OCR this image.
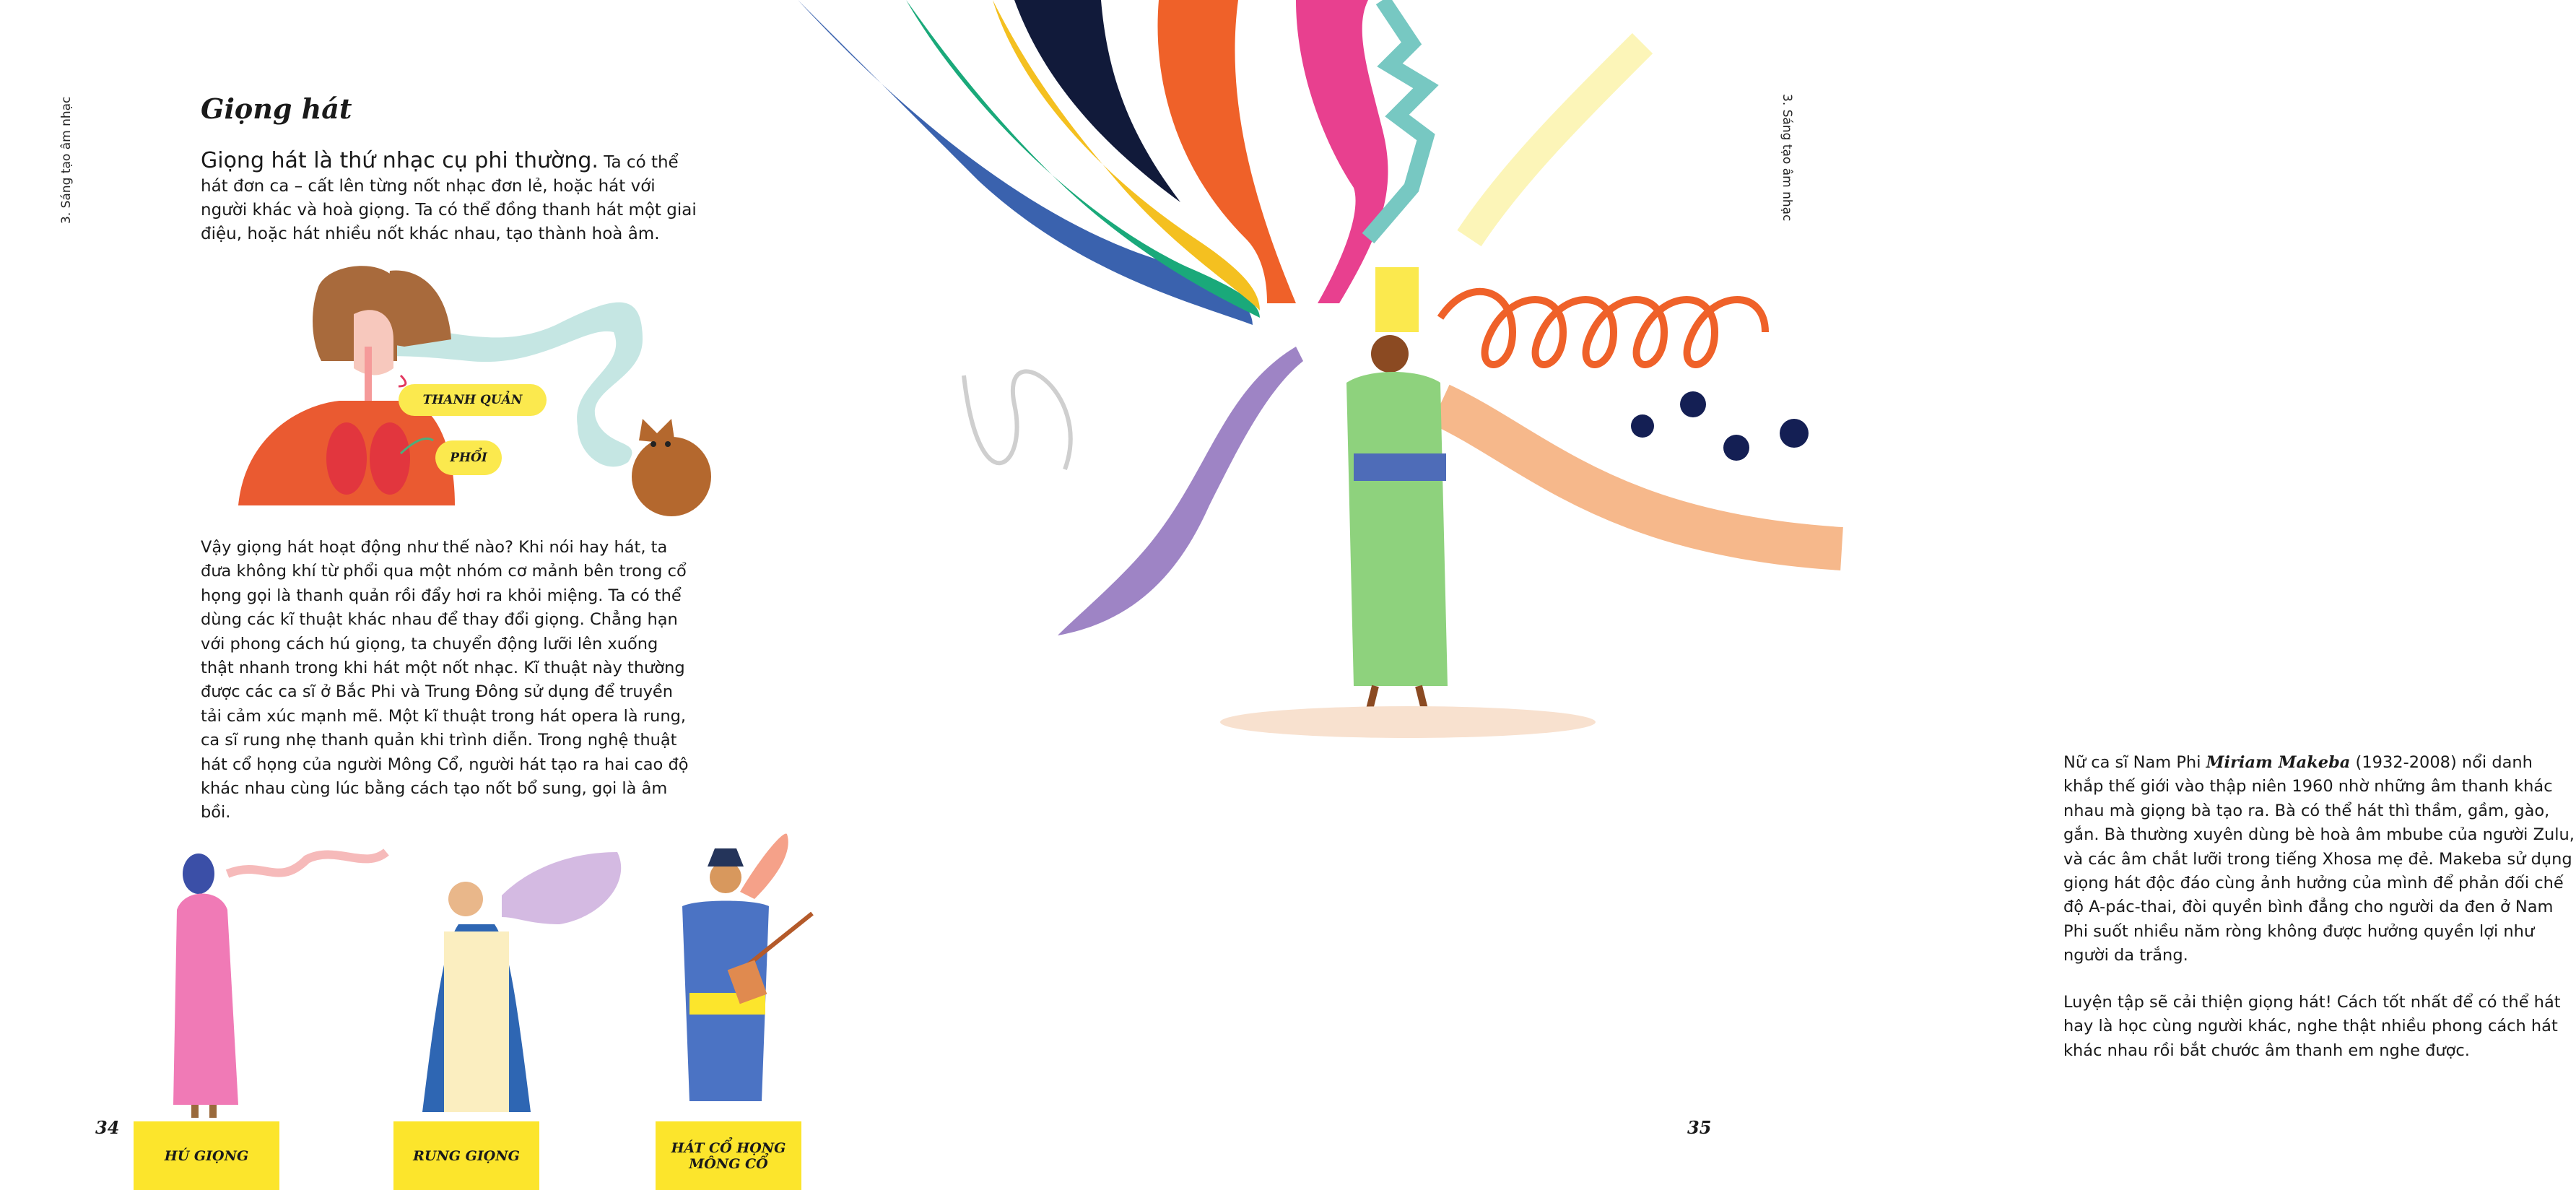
3. Sáng tạo âm nhạc	Giọng hát
Giọng hát là thứ nhạc cụ phi thường. Ta có thể hát đơn ca – cất lên từng nốt nhạc đơn lẻ, hoặc hát với người khác và hoà giọng. Ta có thể đồng thanh hát một giai điệu, hoặc hát nhiều nốt khác nhau, tạo thành hoà âm.
THANH QUẢN
PHỔI
Vậy giọng hát hoạt động như thế nào? Khi nói hay hát, ta đưa không khí từ phổi qua một nhóm cơ mảnh bên trong cổ họng gọi là thanh quản rồi đẩy hơi ra khỏi miệng. Ta có thể dùng các kĩ thuật khác nhau để thay đổi giọng. Chẳng hạn với phong cách hú giọng, ta chuyển động lưỡi lên xuống thật nhanh trong khi hát một nốt nhạc. Kĩ thuật này thường được các ca sĩ ở Bắc Phi và Trung Đông sử dụng để truyền tải cảm xúc mạnh mẽ. Một kĩ thuật trong hát opera là rung, ca sĩ rung nhẹ thanh quản khi trình diễn. Trong nghệ thuật hát cổ họng của người Mông Cổ, người hát tạo ra hai cao độ khác nhau cùng lúc bằng cách tạo nốt bổ sung, gọi là âm bồi.
HÚ GIỌNG	RUNG GIỌNG	HÁT CỔ HỌNG MÔNG CỔ
34
3. Sáng tạo âm nhạc
Nữ ca sĩ Nam Phi Miriam Makeba (1932-2008) nổi danh khắp thế giới vào thập niên 1960 nhờ những âm thanh khác nhau mà giọng bà tạo ra. Bà có thể hát thì thầm, gầm, gào, gắn. Bà thường xuyên dùng bè hoà âm mbube của người Zulu, và các âm chắt lưỡi trong tiếng Xhosa mẹ đẻ. Makeba sử dụng giọng hát độc đáo cùng ảnh hưởng của mình để phản đối chế độ A-pác-thai, đòi quyền bình đẳng cho người da đen ở Nam Phi suốt nhiều năm ròng không được hưởng quyền lợi như người da trắng.
Luyện tập sẽ cải thiện giọng hát! Cách tốt nhất để có thể hát hay là học cùng người khác, nghe thật nhiều phong cách hát khác nhau rồi bắt chước âm thanh em nghe được.
35
